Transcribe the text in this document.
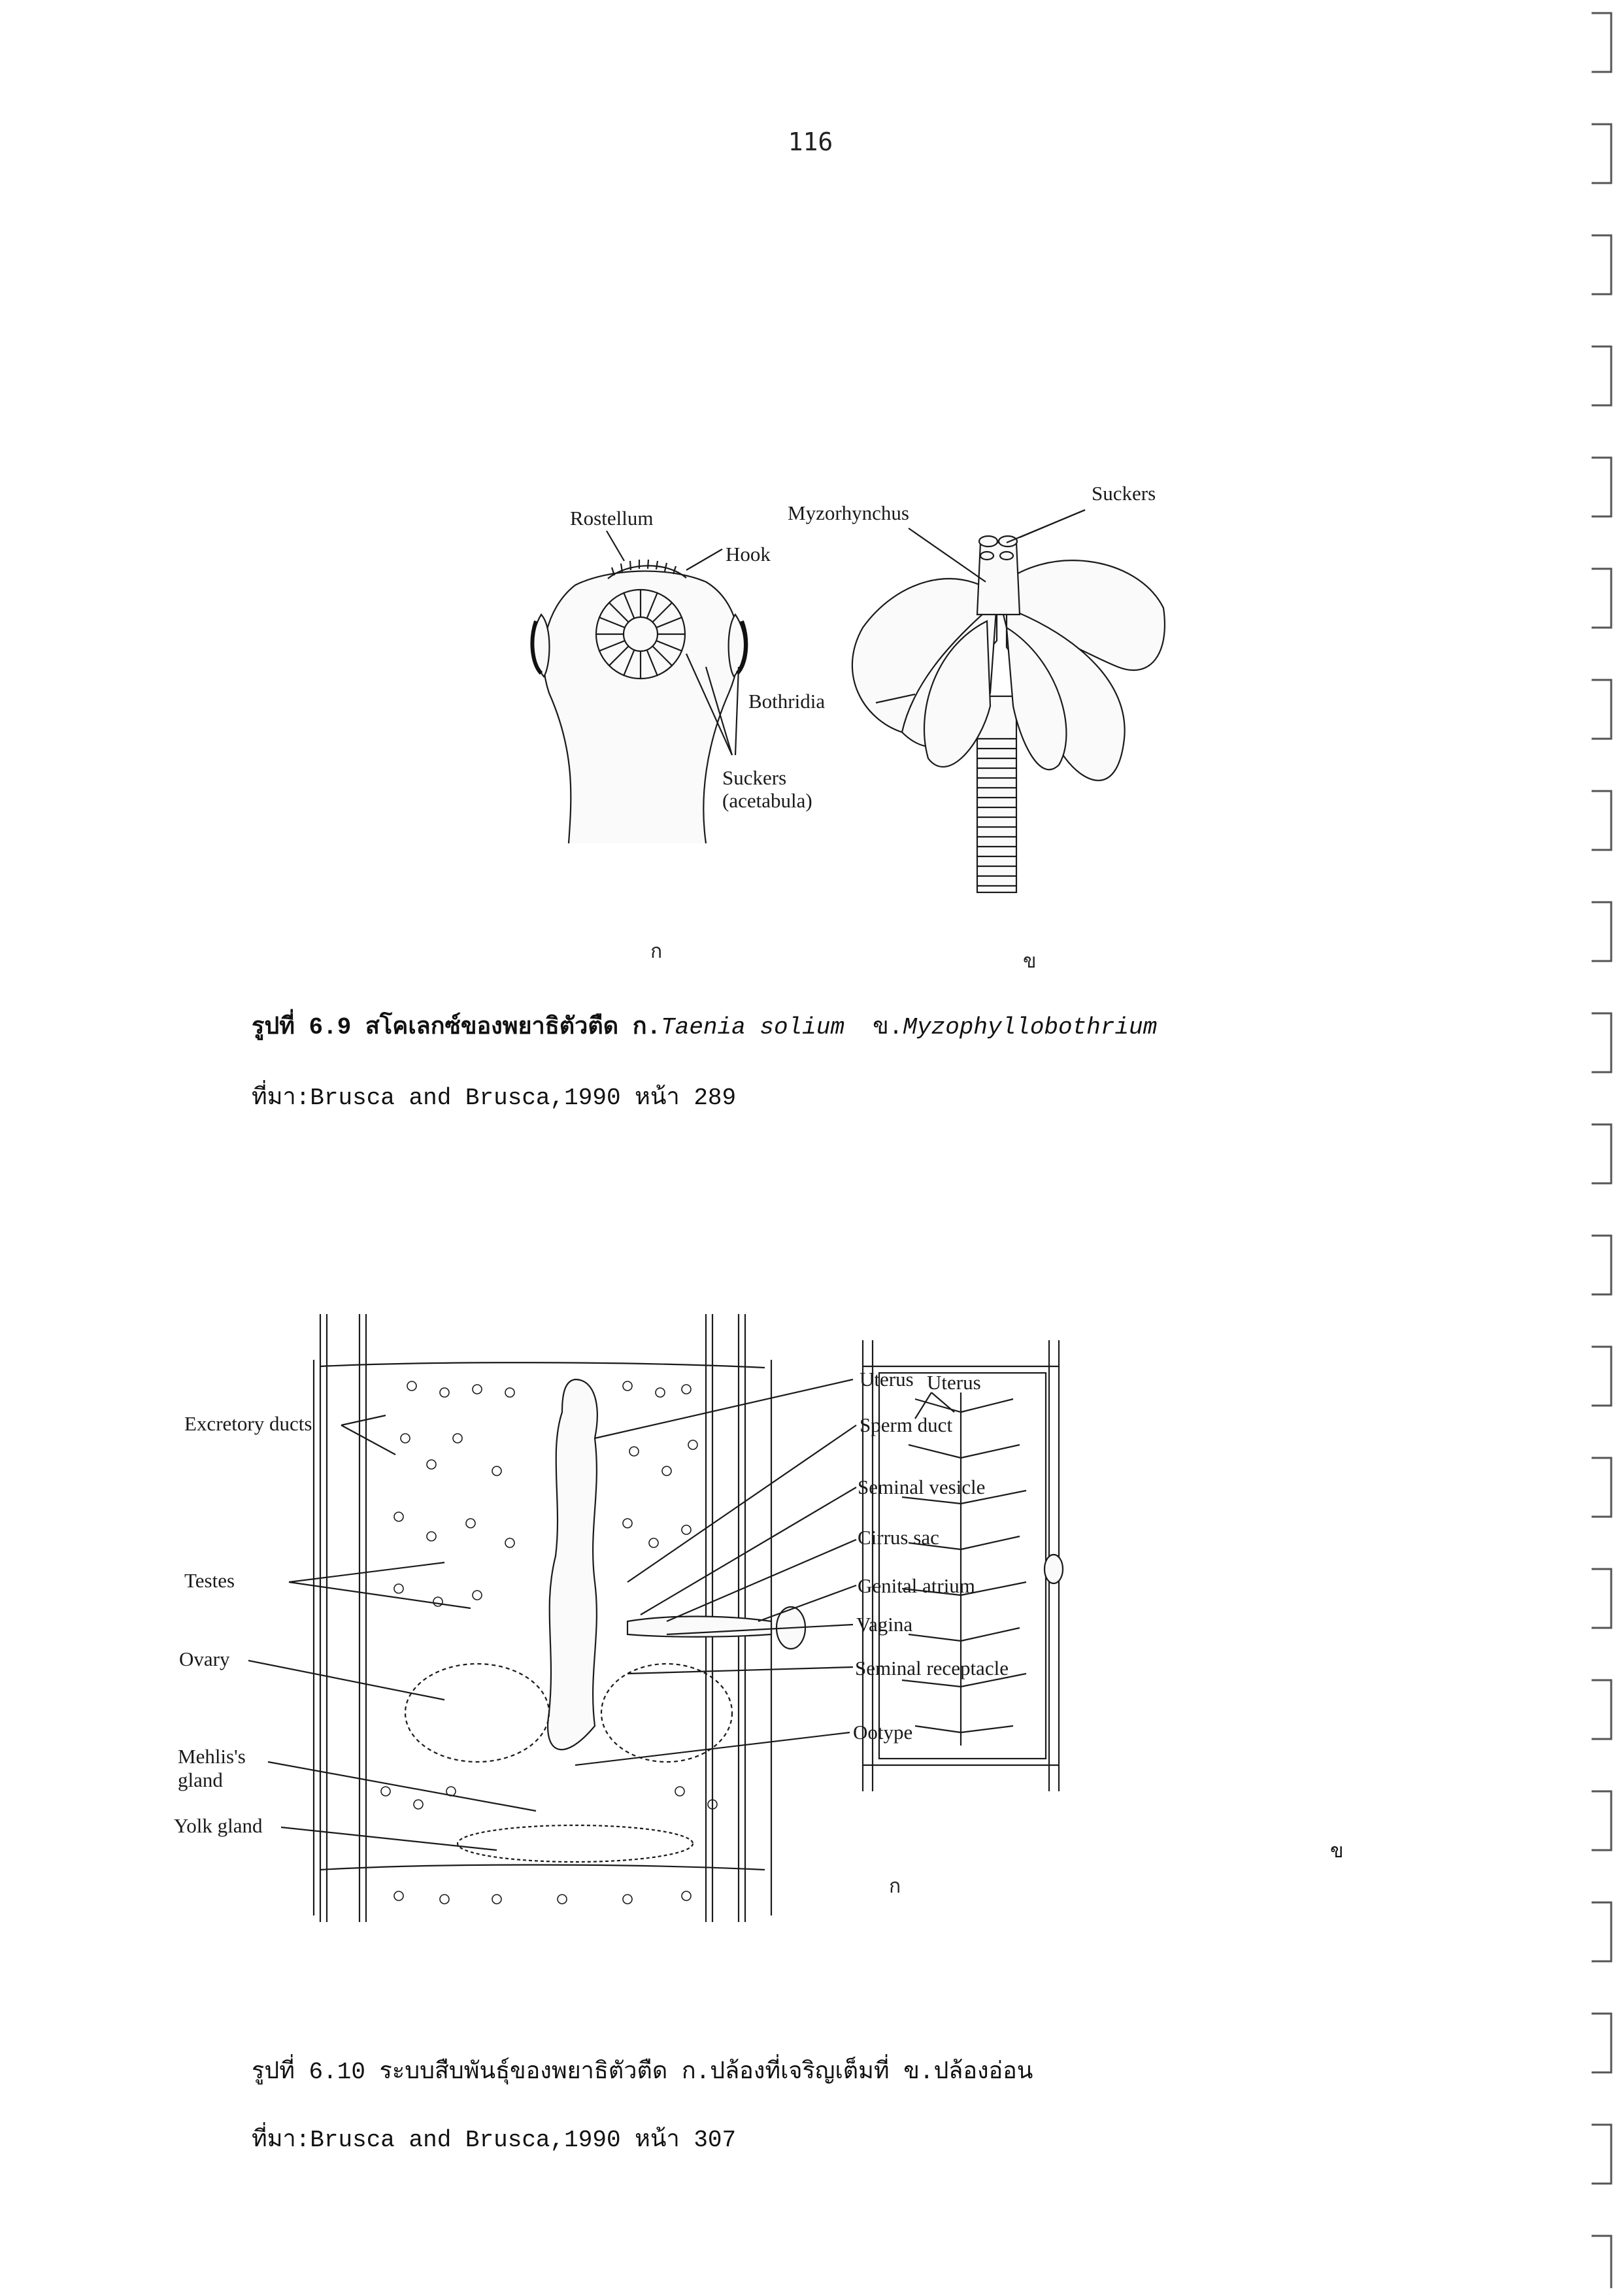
116
Rostellum
Hook
Suckers
(acetabula)
Myzorhynchus
Suckers
Bothridia
ก	ข
รูปที่ 6.9 สโคเลกซ์ของพยาธิตัวตืด ก.Taenia solium  ข.Myzophyllobothrium
ที่มา:Brusca and Brusca,1990 หน้า 289
Excretory ducts
Testes
Ovary
Mehlis's
gland
Yolk gland
Uterus
Sperm duct
Seminal vesicle
Cirrus sac
Genital atrium
Vagina
Seminal receptacle
Ootype
Uterus
ก
ข
รูปที่ 6.10 ระบบสืบพันธุ์ของพยาธิตัวตืด ก.ปล้องที่เจริญเต็มที่ ข.ปล้องอ่อน
ที่มา:Brusca and Brusca,1990 หน้า 307
